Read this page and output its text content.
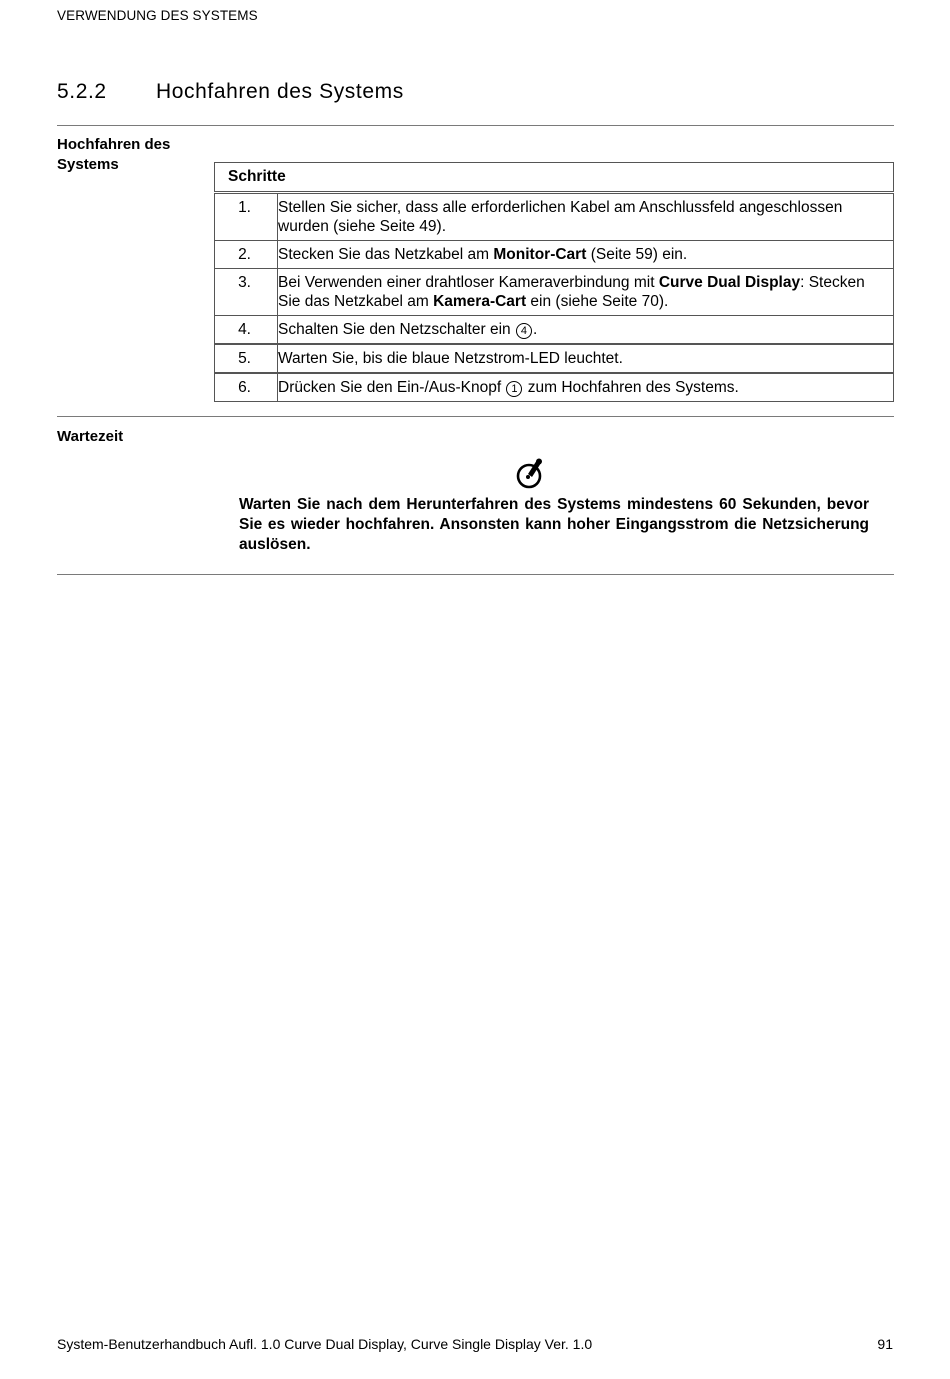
VERWENDUNG DES SYSTEMS
5.2.2 Hochfahren des Systems
Hochfahren des Systems
Schritte	
1.	Stellen Sie sicher, dass alle erforderlichen Kabel am Anschlussfeld angeschlossen wurden (siehe Seite 49).
2.	Stecken Sie das Netzkabel am Monitor-Cart (Seite 59) ein.
3.	Bei Verwenden einer drahtloser Kameraverbindung mit Curve Dual Display: Stecken Sie das Netzkabel am Kamera-Cart ein (siehe Seite 70).
4.	Schalten Sie den Netzschalter ein 4 .
5.	Warten Sie, bis die blaue Netzstrom-LED leuchtet.
6.	Drücken Sie den Ein-/Aus-Knopf 1 zum Hochfahren des Systems.
Wartezeit
Warten Sie nach dem Herunterfahren des Systems mindestens 60 Sekunden, bevor Sie es wieder hochfahren. Ansonsten kann hoher Eingangsstrom die Netzsicherung auslösen.
System-Benutzerhandbuch Aufl. 1.0 Curve Dual Display, Curve Single Display Ver. 1.0	91
